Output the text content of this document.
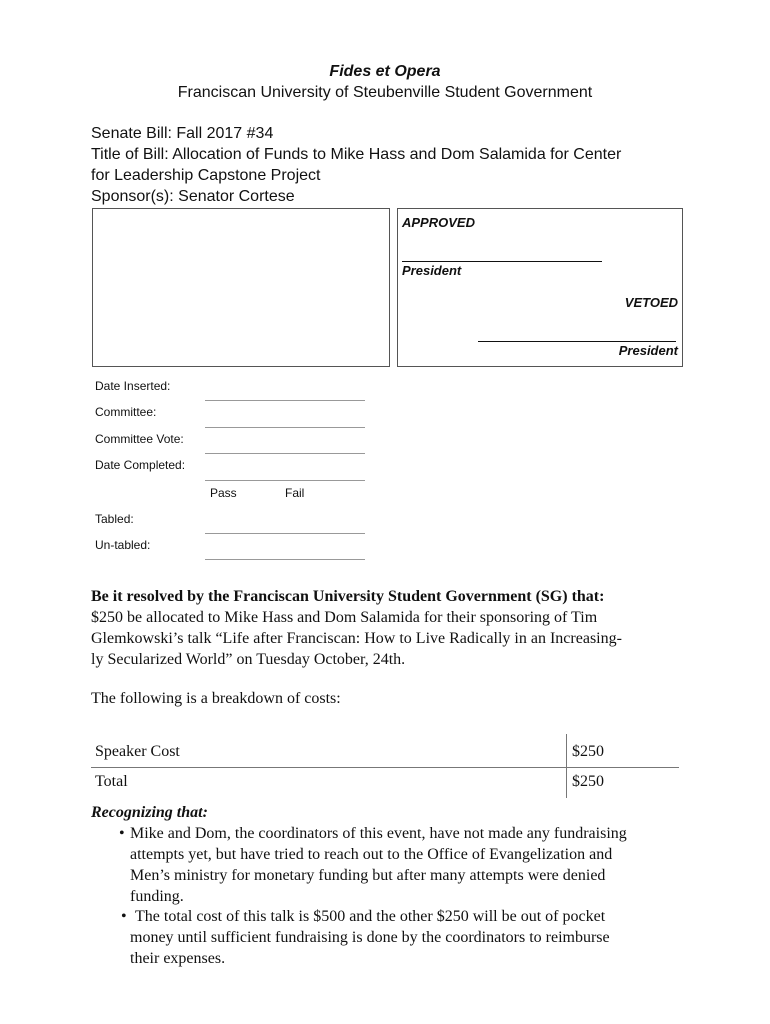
Fides et Opera
Franciscan University of Steubenville Student Government
Senate Bill: Fall 2017 #34
Title of Bill: Allocation of Funds to Mike Hass and Dom Salamida for Center
for Leadership Capstone Project
Sponsor(s): Senator Cortese
APPROVED
President
VETOED
President
Date Inserted:
Committee:
Committee Vote:
Date Completed:
Pass	Fail
Tabled:
Un-tabled:
Be it resolved by the Franciscan University Student Government (SG) that:
$250 be allocated to Mike Hass and Dom Salamida for their sponsoring of Tim
Glemkowski’s talk “Life after Franciscan: How to Live Radically in an Increasing-
ly Secularized World” on Tuesday October, 24th.
The following is a breakdown of costs:
Speaker Cost	$250
Total	$250
Recognizing that:
• Mike and Dom, the coordinators of this event, have not made any fundraising
attempts yet, but have tried to reach out to the Office of Evangelization and
Men’s ministry for monetary funding but after many attempts were denied
funding.
• The total cost of this talk is $500 and the other $250 will be out of pocket
money until sufficient fundraising is done by the coordinators to reimburse
their expenses.
